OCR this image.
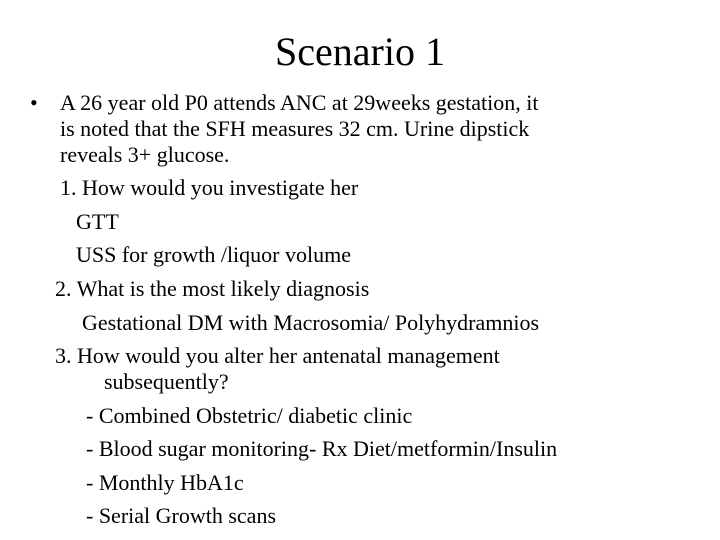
Scenario 1
• A 26 year old P0 attends ANC at 29weeks gestation, it
is noted that the SFH measures 32 cm. Urine dipstick
reveals 3+ glucose.
1. How would you investigate her
GTT
USS for growth /liquor volume
2. What is the most likely diagnosis
Gestational DM with Macrosomia/ Polyhydramnios
3. How would you alter her antenatal management
subsequently?
- Combined Obstetric/ diabetic clinic
- Blood sugar monitoring- Rx Diet/metformin/Insulin
- Monthly HbA1c
- Serial Growth scans
